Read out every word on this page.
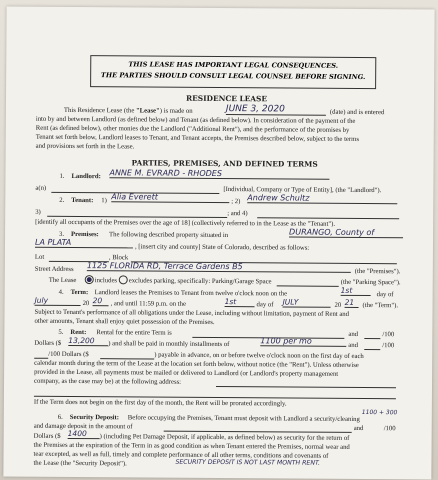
THIS LEASE HAS IMPORTANT LEGAL CONSEQUENCES.
THE PARTIES SHOULD CONSULT LEGAL COUNSEL BEFORE SIGNING.
RESIDENCE LEASE
This Residence Lease (the "Lease") is made on	JUNE 3, 2020	(date) and is entered
into by and between Landlord (as defined below) and Tenant (as defined below). In consideration of the payment of the
Rent (as defined below), other monies due the Landlord ("Additional Rent"), and the performance of the promises by
Tenant set forth below, Landlord leases to Tenant, and Tenant accepts, the Premises described below, subject to the terms
and provisions set forth in the Lease.
PARTIES, PREMISES, AND DEFINED TERMS
1. Landlord: ANNE M. EVRARD - RHODES
a(n)	[Individual, Company or Type of Entity], (the "Landlord").
2. Tenant: 1) Alia Everett
; 2) Andrew Schultz
3)	; and 4)
[identify all occupants of the Premises over the age of 18] (collectively referred to in the Lease as the "Tenant").
3. Premises: The following described property situated in	DURANGO, County of
LA PLATA
, [insert city and county] State of Colorado, described as follows:
Lot	, Block
Street Address 1125 FLORIDA RD, Terrace Gardens B5
(the "Premises").
The Lease	includes excludes parking, specifically: Parking/Garage Space	(the "Parking Space").
4. Term: Landlord leases the Premises to Tenant from twelve o'clock noon on the	1st	day of
July	20 20	, and until 11:59 p.m. on the	1st	day of JULY	20 21	(the "Term").
Subject to Tenant's performance of all obligations under the Lease, including without limitation, payment of Rent and
other amounts, Tenant shall enjoy quiet possession of the Premises.
5. Rent: Rental for the entire Term is	and	/100
Dollars ($ 13,200	) and shall be paid in monthly installments of	1100 per mo	and	/100
/100 Dollars ($	) payable in advance, on or before twelve o'clock noon on the first day of each
calendar month during the term of the Lease at the location set forth below, without notice (the "Rent"). Unless otherwise
provided in the Lease, all payments must be mailed or delivered to Landlord (or Landlord's property management
company, as the case may be) at the following address:
If the Term does not begin on the first day of the month, the Rent will be prorated accordingly.
1100 + 300
6. Security Deposit: Before occupying the Premises, Tenant must deposit with Landlord a security/cleaning
and damage deposit in the amount of	and	/100
Dollars ($ 1400	) (including Pet Damage Deposit, if applicable, as defined below) as security for the return of
the Premises at the expiration of the Term in as good condition as when Tenant entered the Premises, normal wear and
tear excepted, as well as full, timely and complete performance of all other terms, conditions and covenants of
the Lease (the "Security Deposit").	SECURITY DEPOSIT IS NOT LAST MONTH RENT.
